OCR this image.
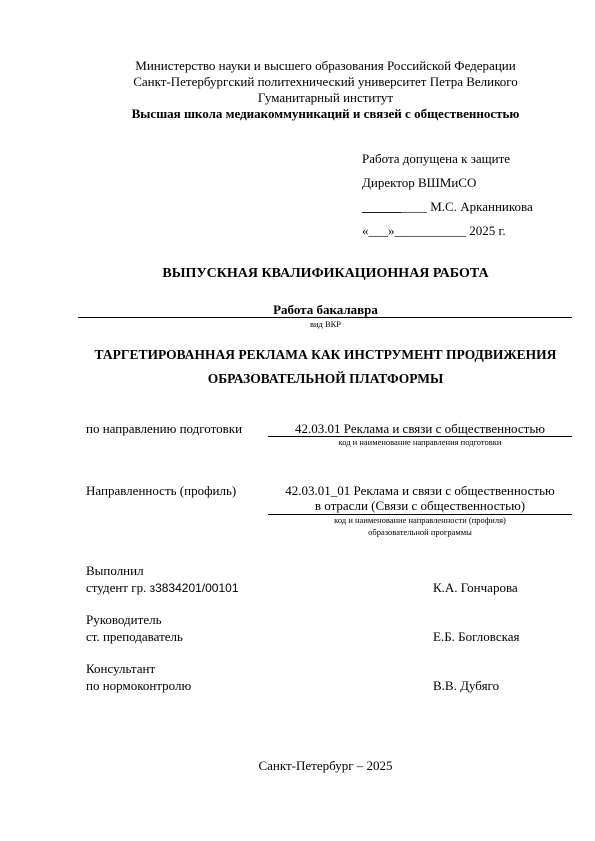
Министерство науки и высшего образования Российской Федерации
Санкт-Петербургский политехнический университет Петра Великого
Гуманитарный институт
Высшая школа медиакоммуникаций и связей с общественностью
Работа допущена к защите
Директор ВШМиСО
__________ М.С. Арканникова
«___»___________ 2025 г.
ВЫПУСКНАЯ КВАЛИФИКАЦИОННАЯ РАБОТА
Работа бакалавра
вид ВКР
ТАРГЕТИРОВАННАЯ РЕКЛАМА КАК ИНСТРУМЕНТ ПРОДВИЖЕНИЯ
ОБРАЗОВАТЕЛЬНОЙ ПЛАТФОРМЫ
по направлению подготовки	42.03.01 Реклама и связи с общественностью
код и наименование направления подготовки
Направленность (профиль)	42.03.01_01 Реклама и связи с общественностью
в отрасли (Связи с общественностью)
код и наименование направленности (профиля)
образовательной программы
Выполнил
студент гр. з3834201/00101	К.А. Гончарова
Руководитель
ст. преподаватель	Е.Б. Богловская
Консультант
по нормоконтролю	В.В. Дубяго
Санкт-Петербург – 2025
